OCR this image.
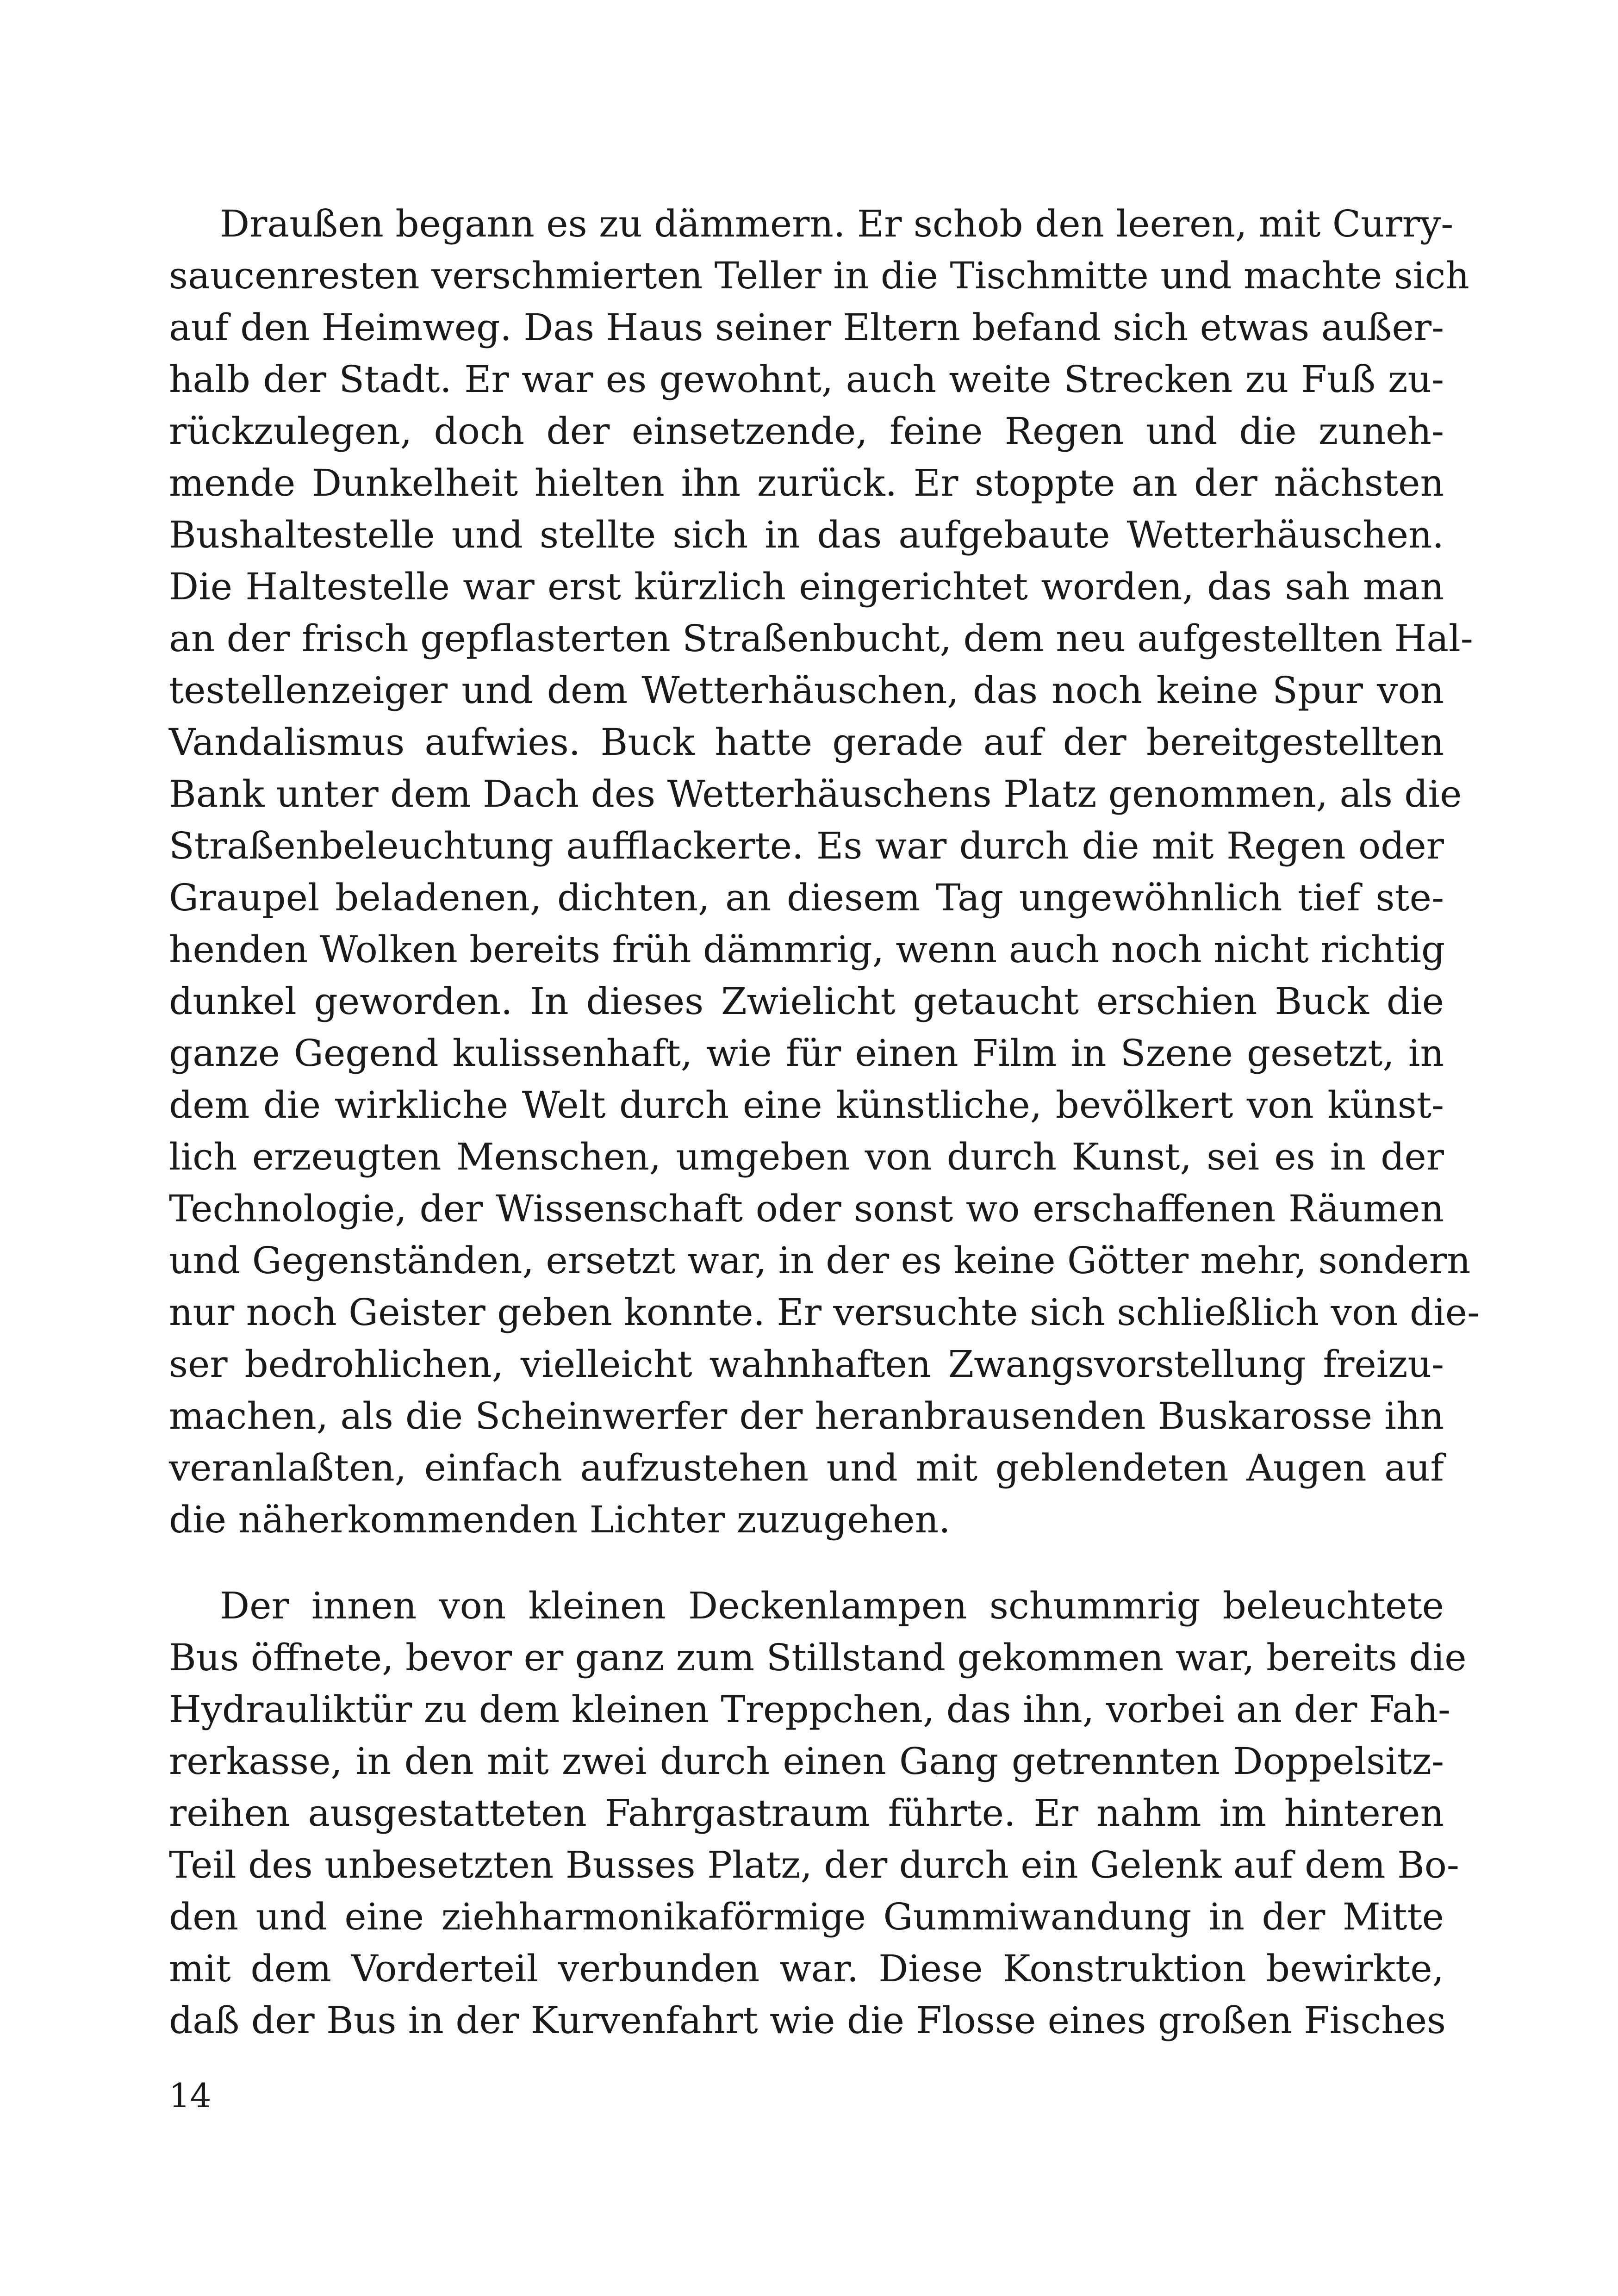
Draußen begann es zu dämmern. Er schob den leeren, mit Curry-
saucenresten verschmierten Teller in die Tischmitte und machte sich
auf den Heimweg. Das Haus seiner Eltern befand sich etwas außer-
halb der Stadt. Er war es gewohnt, auch weite Strecken zu Fuß zu-
rückzulegen, doch der einsetzende, feine Regen und die zuneh-
mende Dunkelheit hielten ihn zurück. Er stoppte an der nächsten
Bushaltestelle und stellte sich in das aufgebaute Wetterhäuschen.
Die Haltestelle war erst kürzlich eingerichtet worden, das sah man
an der frisch gepflasterten Straßenbucht, dem neu aufgestellten Hal-
testellenzeiger und dem Wetterhäuschen, das noch keine Spur von
Vandalismus aufwies. Buck hatte gerade auf der bereitgestellten
Bank unter dem Dach des Wetterhäuschens Platz genommen, als die
Straßenbeleuchtung aufflackerte. Es war durch die mit Regen oder
Graupel beladenen, dichten, an diesem Tag ungewöhnlich tief ste-
henden Wolken bereits früh dämmrig, wenn auch noch nicht richtig
dunkel geworden. In dieses Zwielicht getaucht erschien Buck die
ganze Gegend kulissenhaft, wie für einen Film in Szene gesetzt, in
dem die wirkliche Welt durch eine künstliche, bevölkert von künst-
lich erzeugten Menschen, umgeben von durch Kunst, sei es in der
Technologie, der Wissenschaft oder sonst wo erschaffenen Räumen
und Gegenständen, ersetzt war, in der es keine Götter mehr, sondern
nur noch Geister geben konnte. Er versuchte sich schließlich von die-
ser bedrohlichen, vielleicht wahnhaften Zwangsvorstellung freizu-
machen, als die Scheinwerfer der heranbrausenden Buskarosse ihn
veranlaßten, einfach aufzustehen und mit geblendeten Augen auf
die näherkommenden Lichter zuzugehen.
Der innen von kleinen Deckenlampen schummrig beleuchtete
Bus öffnete, bevor er ganz zum Stillstand gekommen war, bereits die
Hydrauliktür zu dem kleinen Treppchen, das ihn, vorbei an der Fah-
rerkasse, in den mit zwei durch einen Gang getrennten Doppelsitz-
reihen ausgestatteten Fahrgastraum führte. Er nahm im hinteren
Teil des unbesetzten Busses Platz, der durch ein Gelenk auf dem Bo-
den und eine ziehharmonikaförmige Gummiwandung in der Mitte
mit dem Vorderteil verbunden war. Diese Konstruktion bewirkte,
daß der Bus in der Kurvenfahrt wie die Flosse eines großen Fisches
14
